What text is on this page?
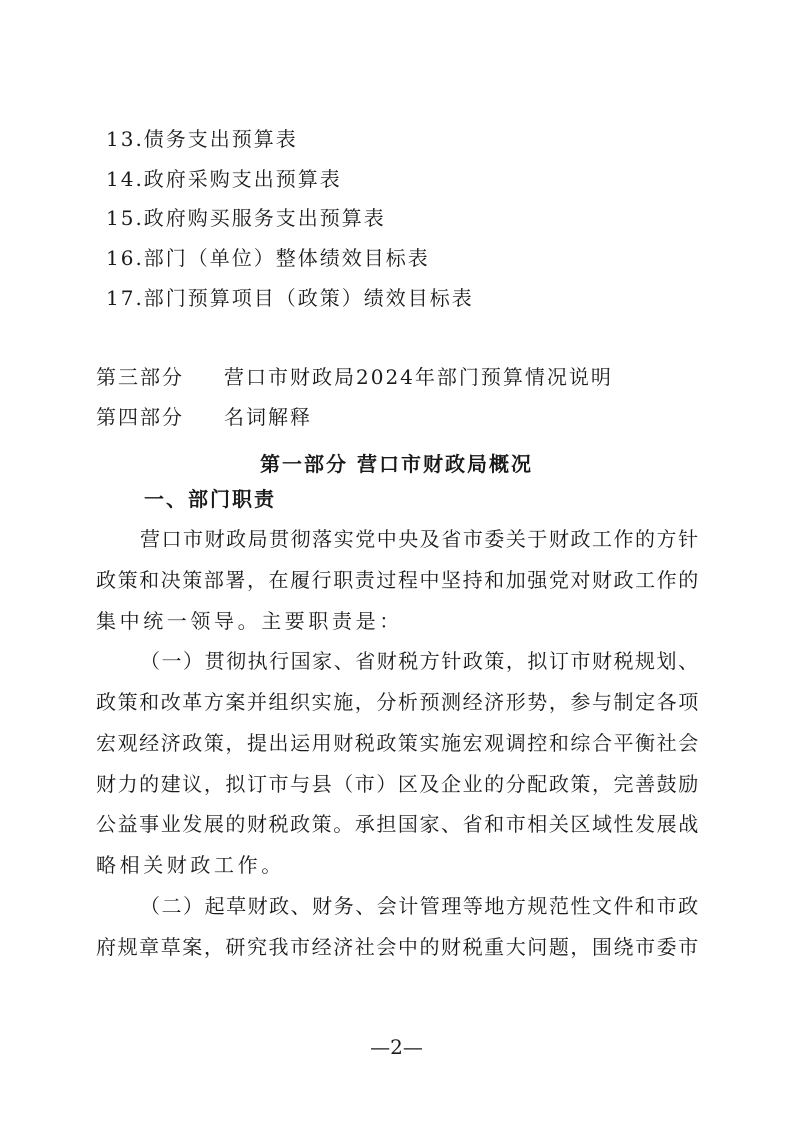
13.债务支出预算表
14.政府采购支出预算表
15.政府购买服务支出预算表
16.部门（单位）整体绩效目标表
17.部门预算项目（政策）绩效目标表
第三部分 营口市财政局2024年部门预算情况说明
第四部分 名词解释
第一部分 营口市财政局概况
一、部门职责
营口市财政局贯彻落实党中央及省市委关于财政工作的方针
政策和决策部署，在履行职责过程中坚持和加强党对财政工作的
集中统一领导。主要职责是：
（一）贯彻执行国家、省财税方针政策，拟订市财税规划、
政策和改革方案并组织实施，分析预测经济形势，参与制定各项
宏观经济政策，提出运用财税政策实施宏观调控和综合平衡社会
财力的建议，拟订市与县（市）区及企业的分配政策，完善鼓励
公益事业发展的财税政策。承担国家、省和市相关区域性发展战
略相关财政工作。
（二）起草财政、财务、会计管理等地方规范性文件和市政
府规章草案，研究我市经济社会中的财税重大问题，围绕市委市
—2—
